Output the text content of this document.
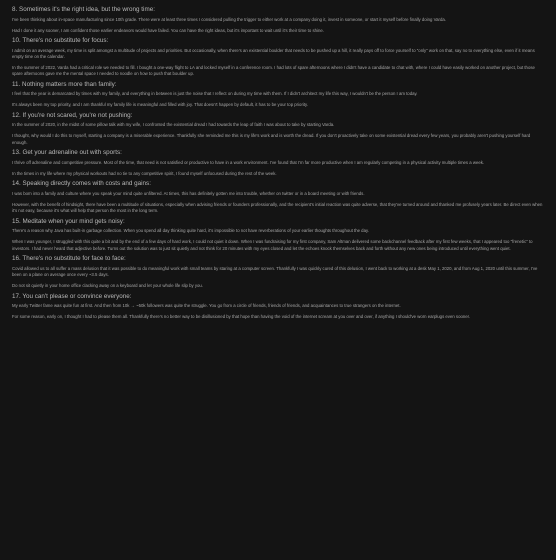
8. Sometimes it's the right idea, but the wrong time:

I've been thinking about in-space manufacturing since 10th grade. There were at least three times I considered pulling the trigger to either work at a company doing it, invest in someone, or start it myself before finally doing Varda.

Had I done it any sooner, I am confident those earlier endeavors would have failed. You can have the right ideas, but it's important to wait until it's their time to shine.

10. There's no substitute for focus:

I admit on an average week, my time is split amongst a multitude of projects and priorities. But occasionally, when there's an existential boulder that needs to be pushed up a hill, it really pays off to force yourself to "only" work on that, say no to everything else, even if it means empty time on the calendar.

In the summer of 2022, Varda had a critical role we needed to fill. I bought a one-way flight to LA and locked myself in a conference room. I had lots of spare afternoons where I didn't have a candidate to chat with, where I could have easily worked on another project, but those spare afternoons gave me the mental space I needed to noodle on how to push that boulder up.

11. Nothing matters more than family:

I feel that the year is demarcated by times with my family, and everything in between is just the noise that I reflect on during my time with them. If I didn't architect my life this way, I wouldn't be the person I am today.

It's always been my top priority, and I am thankful my family life is meaningful and filled with joy. That doesn't happen by default, it has to be your top priority.

12. If you're not scared, you're not pushing:

In the summer of 2020, in the midst of some pillow talk with my wife, I confronted the existential dread I had towards the leap of faith I was about to take by starting Varda.

I thought, why would I do this to myself, starting a company is a miserable experience. Thankfully she reminded me this is my life's work and is worth the dread. If you don't proactively take on some existential dread every few years, you probably aren't pushing yourself hard enough.

13. Get your adrenaline out with sports:

I thrive off adrenaline and competitive pressure. Most of the time, that need is not satisfied or productive to have in a work environment. I've found that I'm far more productive when I am regularly competing in a physical activity multiple times a week.

In the times in my life where my physical workouts had no tie to any competitive spirit, I found myself unfocused during the rest of the week.

14. Speaking directly comes with costs and gains:

I was born into a family and culture where you speak your mind quite unfiltered. At times, this has definitely gotten me into trouble, whether on twitter or in a board meeting or with friends.

However, with the benefit of hindsight, there have been a multitude of situations, especially when advising friends or founders professionally, and the recipient's initial reaction was quite adverse, that they've turned around and thanked me profusely years later. Be direct even when it's not easy, because it's what will help that person the most in the long term.

15. Meditate when your mind gets noisy:

There's a reason why Java has built-in garbage collection. When you spend all day thinking quite hard, it's impossible to not have reverberations of your earlier thoughts throughout the day.

When I was younger, I struggled with this quite a bit and by the end of a few days of hard work, I could not quiet it down. When I was fundraising for my first company, Sam Altman delivered some backchannel feedback after my first few weeks, that I appeared too "frenetic" to investors. I had never heard that adjective before. Turns out the solution was to just sit quietly and not think for 20 minutes with my eyes closed and let the echoes knock themselves back and forth without any new ones being introduced until everything went quiet.

16. There's no substitute for face to face:

Covid allowed us to all suffer a mass delusion that it was possible to do meaningful work with small teams by staring at a computer screen. Thankfully I was quickly cured of this delusion, I went back to working at a desk May 1, 2020, and from Aug 1, 2020 until this summer, I've been on a plane on average once every ~3.5 days.

Do not sit quietly in your home office clacking away on a keyboard and let your whole life slip by you.

17. You can't please or convince everyone:

My early Twitter fame was quite fun at first. And then from 10k → ~50k followers was quite the struggle. You go from a circle of friends, friends of friends, and acquaintances to true strangers on the internet.

For some reason, early on, I thought I had to please them all. Thankfully there's no better way to be disillusioned by that hope than having the void of the internet scream at you over and over, if anything I should've worn earplugs even sooner.
